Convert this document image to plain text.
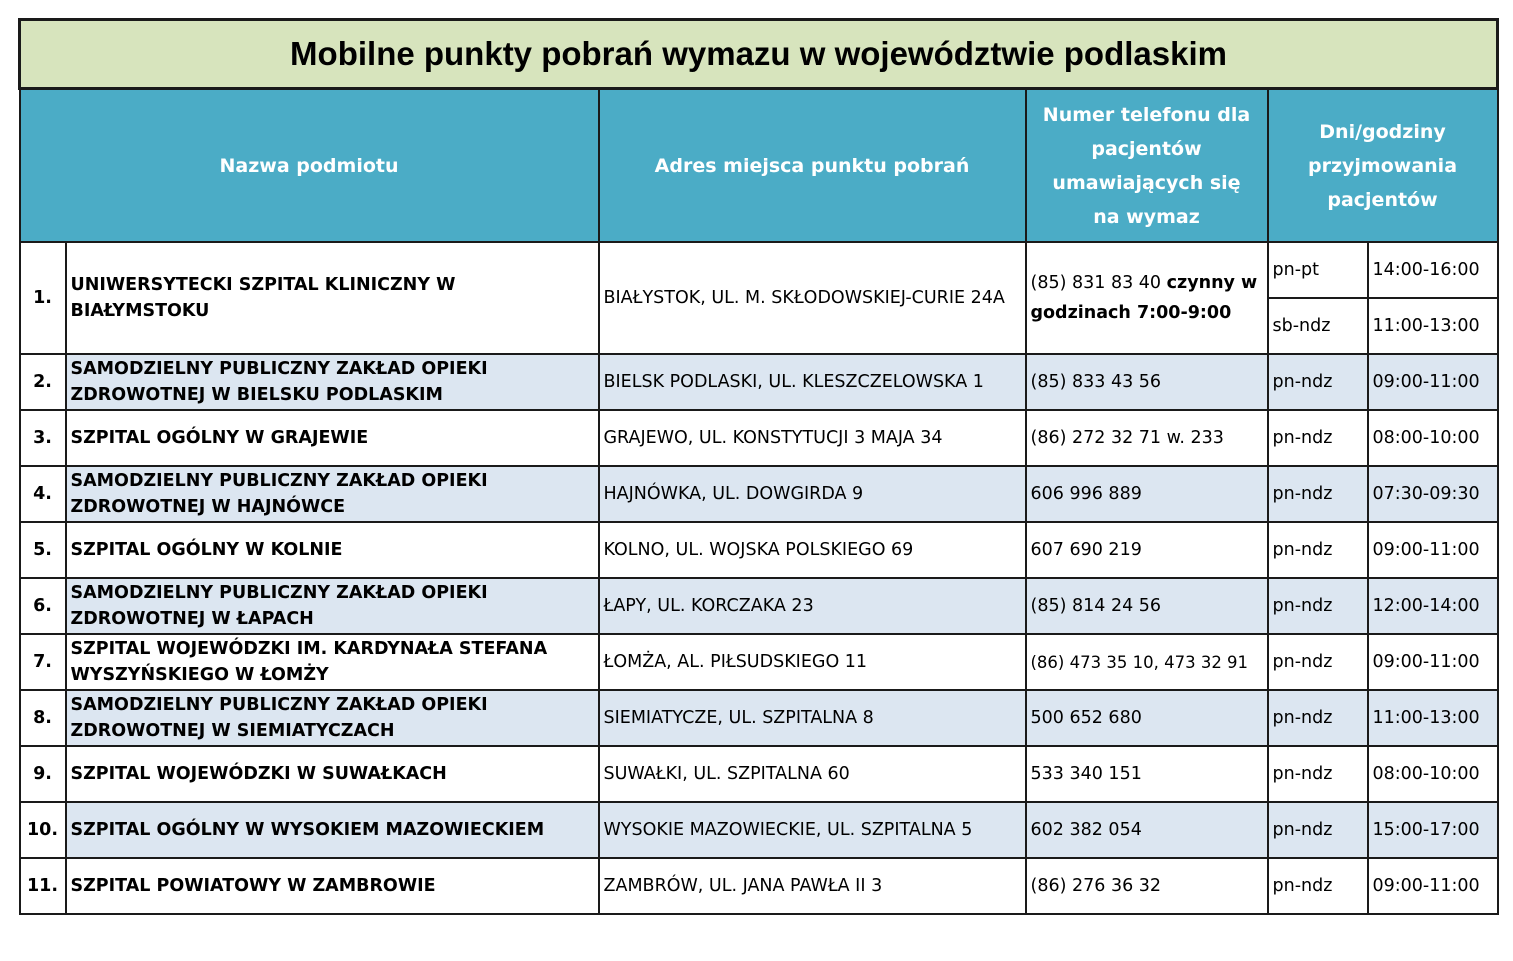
Mobilne punkty pobrań wymazu w województwie podlaskim					
Nazwa podmiotu		Adres miejsca punktu pobrań	Numer telefonu dla pacjentów umawiających się na wymaz	Dni/godziny przyjmowania pacjentów	
1.	UNIWERSYTECKI SZPITAL KLINICZNY W BIAŁYMSTOKU	BIAŁYSTOK, UL. M. SKŁODOWSKIEJ-CURIE 24A	(85) 831 83 40 czynny w godzinach 7:00-9:00	pn-pt	14:00-16:00
				sb-ndz	11:00-13:00
2.	SAMODZIELNY PUBLICZNY ZAKŁAD OPIEKI ZDROWOTNEJ W BIELSKU PODLASKIM	BIELSK PODLASKI, UL. KLESZCZELOWSKA 1	(85) 833 43 56	pn-ndz	09:00-11:00
3.	SZPITAL OGÓLNY W GRAJEWIE	GRAJEWO, UL. KONSTYTUCJI 3 MAJA 34	(86) 272 32 71 w. 233	pn-ndz	08:00-10:00
4.	SAMODZIELNY PUBLICZNY ZAKŁAD OPIEKI ZDROWOTNEJ W HAJNÓWCE	HAJNÓWKA, UL. DOWGIRDA 9	606 996 889	pn-ndz	07:30-09:30
5.	SZPITAL OGÓLNY W KOLNIE	KOLNO, UL. WOJSKA POLSKIEGO 69	607 690 219	pn-ndz	09:00-11:00
6.	SAMODZIELNY PUBLICZNY ZAKŁAD OPIEKI ZDROWOTNEJ W ŁAPACH	ŁAPY, UL. KORCZAKA 23	(85) 814 24 56	pn-ndz	12:00-14:00
7.	SZPITAL WOJEWÓDZKI IM. KARDYNAŁA STEFANA WYSZYŃSKIEGO W ŁOMŻY	ŁOMŻA, AL. PIŁSUDSKIEGO 11	(86) 473 35 10, 473 32 91	pn-ndz	09:00-11:00
8.	SAMODZIELNY PUBLICZNY ZAKŁAD OPIEKI ZDROWOTNEJ W SIEMIATYCZACH	SIEMIATYCZE, UL. SZPITALNA 8	500 652 680	pn-ndz	11:00-13:00
9.	SZPITAL WOJEWÓDZKI W SUWAŁKACH	SUWAŁKI, UL. SZPITALNA 60	533 340 151	pn-ndz	08:00-10:00
10.	SZPITAL OGÓLNY W WYSOKIEM MAZOWIECKIEM	WYSOKIE MAZOWIECKIE, UL. SZPITALNA 5	602 382 054	pn-ndz	15:00-17:00
11.	SZPITAL POWIATOWY W ZAMBROWIE	ZAMBRÓW, UL. JANA PAWŁA II 3	(86) 276 36 32	pn-ndz	09:00-11:00
